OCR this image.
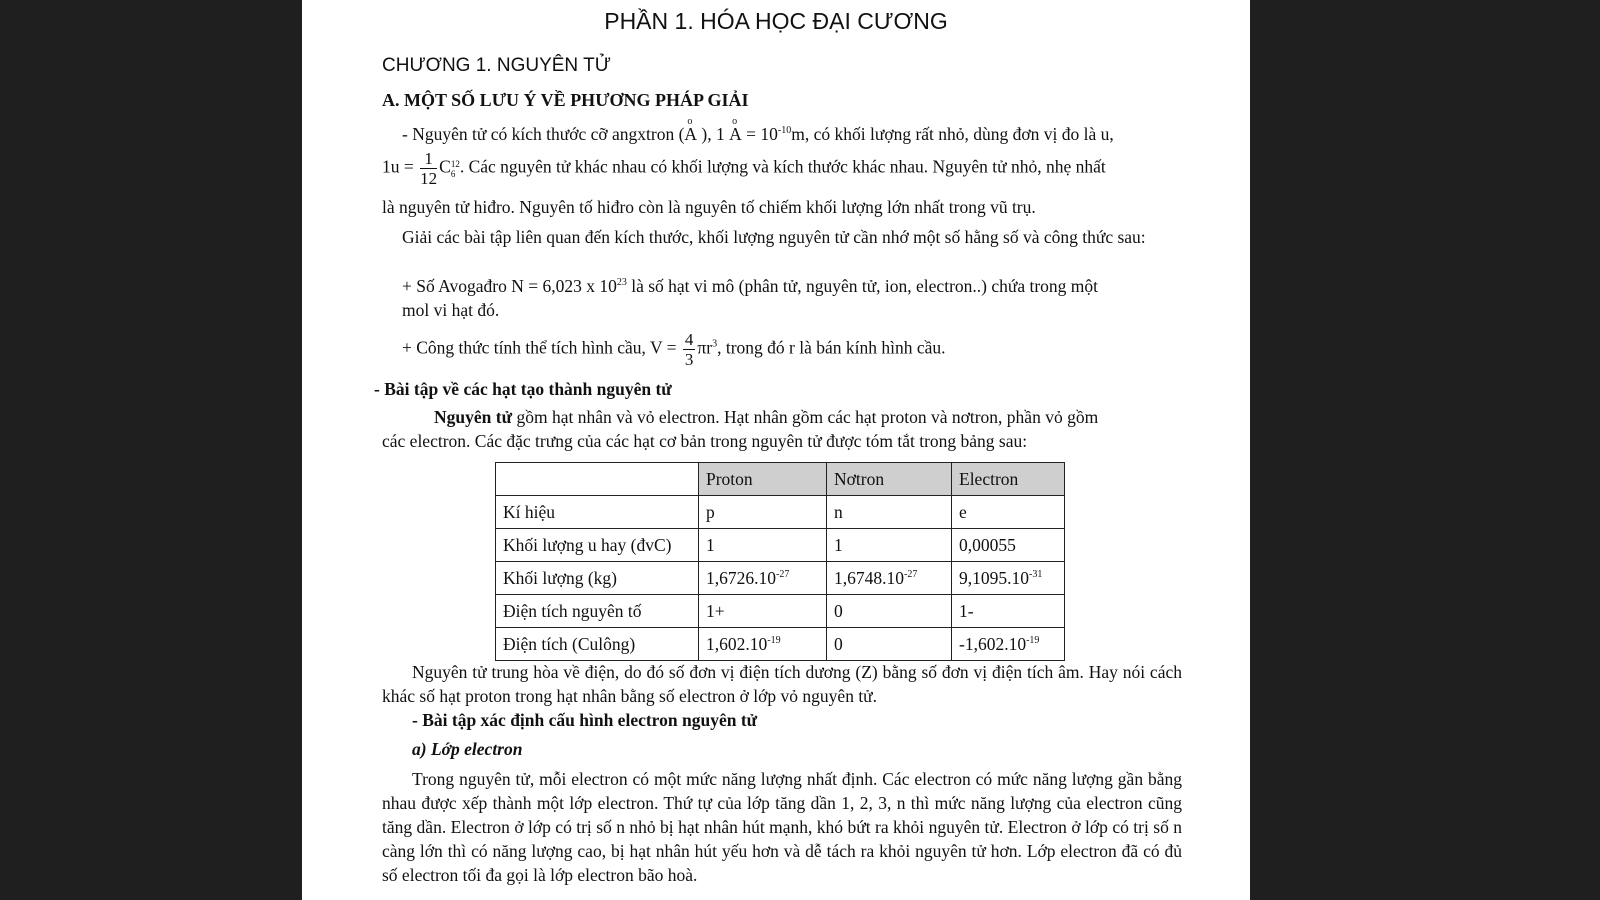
PHẦN 1. HÓA HỌC ĐẠI CƯƠNG
CHƯƠNG 1. NGUYÊN TỬ
A. MỘT SỐ LƯU Ý VỀ PHƯƠNG PHÁP GIẢI
- Nguyên tử có kích thước cỡ angxtron (
o
A ), 1
o
$A = 10^{-10}m$, có khối lượng rất nhỏ, dùng đơn vị đo là u,
$1u = \frac{1}{12}$ C 12
6 . Các nguyên tử khác nhau có khối lượng và kích thước khác nhau. Nguyên tử nhỏ, nhẹ nhất
là nguyên tử hiđro. Nguyên tố hiđro còn là nguyên tố chiếm khối lượng lớn nhất trong vũ trụ.

Giải các bài tập liên quan đến kích thước, khối lượng nguyên tử cần nhớ một số hằng số và công thức sau:

+ Số Avogađro N = 6,023 x $10^{23}$ là số hạt vi mô (phân tử, nguyên tử, ion, electron..) chứa trong một
mol vi hạt đó.
+ Công thức tính thể tích hình cầu, $V = \frac{4}{3} \pi r^3$, trong đó r là bán kính hình cầu.
- Bài tập về các hạt tạo thành nguyên tử
Nguyên tử gồm hạt nhân và vỏ electron. Hạt nhân gồm các hạt proton và nơtron, phần vỏ gồm
các electron. Các đặc trưng của các hạt cơ bản trong nguyên tử được tóm tắt trong bảng sau:
	Proton	Nơtron	Electron
Kí hiệu	p	n	e
Khối lượng u hay (đvC)	1	1	0,00055
Khối lượng (kg)	$1,6726.10^{-27}$	$1,6748.10^{-27}$	$9,1095.10^{-31}$
Điện tích nguyên tố	1+	0	1-
Điện tích (Culông)	$1,602.10^{-19}$	0	$-1,602.10^{-19}$

Nguyên tử trung hòa về điện, do đó số đơn vị điện tích dương (Z) bằng số đơn vị điện tích âm. Hay nói cách khác số hạt proton trong hạt nhân bằng số electron ở lớp vỏ nguyên tử.

- Bài tập xác định cấu hình electron nguyên tử
a) Lớp electron

Trong nguyên tử, mỗi electron có một mức năng lượng nhất định. Các electron có mức năng lượng gần bằng nhau được xếp thành một lớp electron. Thứ tự của lớp tăng dần 1, 2, 3, n thì mức năng lượng của electron cũng tăng dần. Electron ở lớp có trị số n nhỏ bị hạt nhân hút mạnh, khó bứt ra khỏi nguyên tử. Electron ở lớp có trị số n càng lớn thì có năng lượng cao, bị hạt nhân hút yếu hơn và dễ tách ra khỏi nguyên tử hơn. Lớp electron đã có đủ số electron tối đa gọi là lớp electron bão hoà.
